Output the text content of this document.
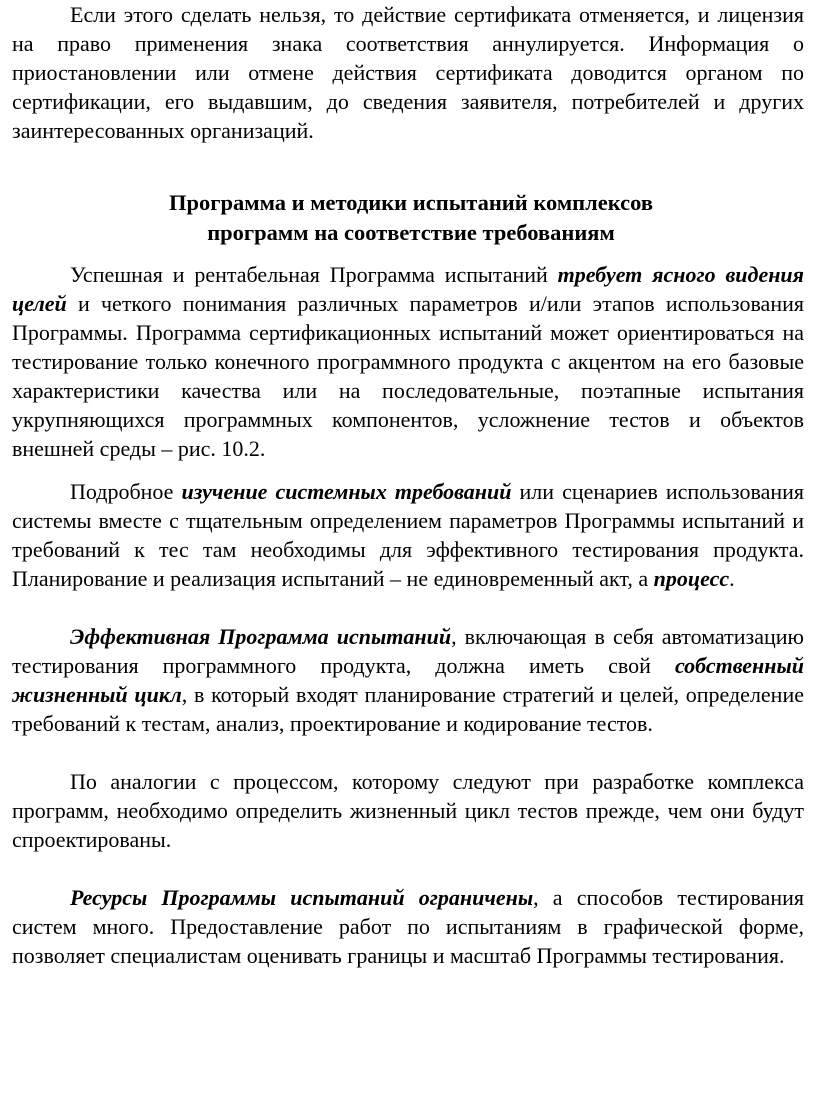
Если этого сделать нельзя, то действие сертификата отменяется, и лицензия на право применения знака соответствия аннулируется. Информация о приостановлении или отмене действия сертификата доводится органом по сертификации, его выдавшим, до сведения заявителя, потребителей и других заинтересованных организаций.

Программа и методики испытаний комплексов
программ на соответствие требованиям

Успешная и рентабельная Программа испытаний требует ясного видения целей и четкого понимания различных параметров и/или этапов использования Программы. Программа сертификационных испытаний может ориентироваться на тестирование только конечного программного продукта с акцентом на его базовые характеристики качества или на последовательные, поэтапные испытания укрупняющихся программных компонентов, усложнение тестов и объектов внешней среды – рис. 10.2.

Подробное изучение системных требований или сценариев использования системы вместе с тщательным определением параметров Программы испытаний и требований к тес там необходимы для эффективного тестирования продукта. Планирование и реализация испытаний – не единовременный акт, а процесс.

Эффективная Программа испытаний, включающая в себя автоматизацию тестирования программного продукта, должна иметь свой собственный жизненный цикл, в который входят планирование стратегий и целей, определение требований к тестам, анализ, проектирование и кодирование тестов.

По аналогии с процессом, которому следуют при разработке комплекса программ, необходимо определить жизненный цикл тестов прежде, чем они будут спроектированы.

Ресурсы Программы испытаний ограничены, а способов тестирования систем много. Предоставление работ по испытаниям в графической форме, позволяет специалистам оценивать границы и масштаб Программы тестирования.
